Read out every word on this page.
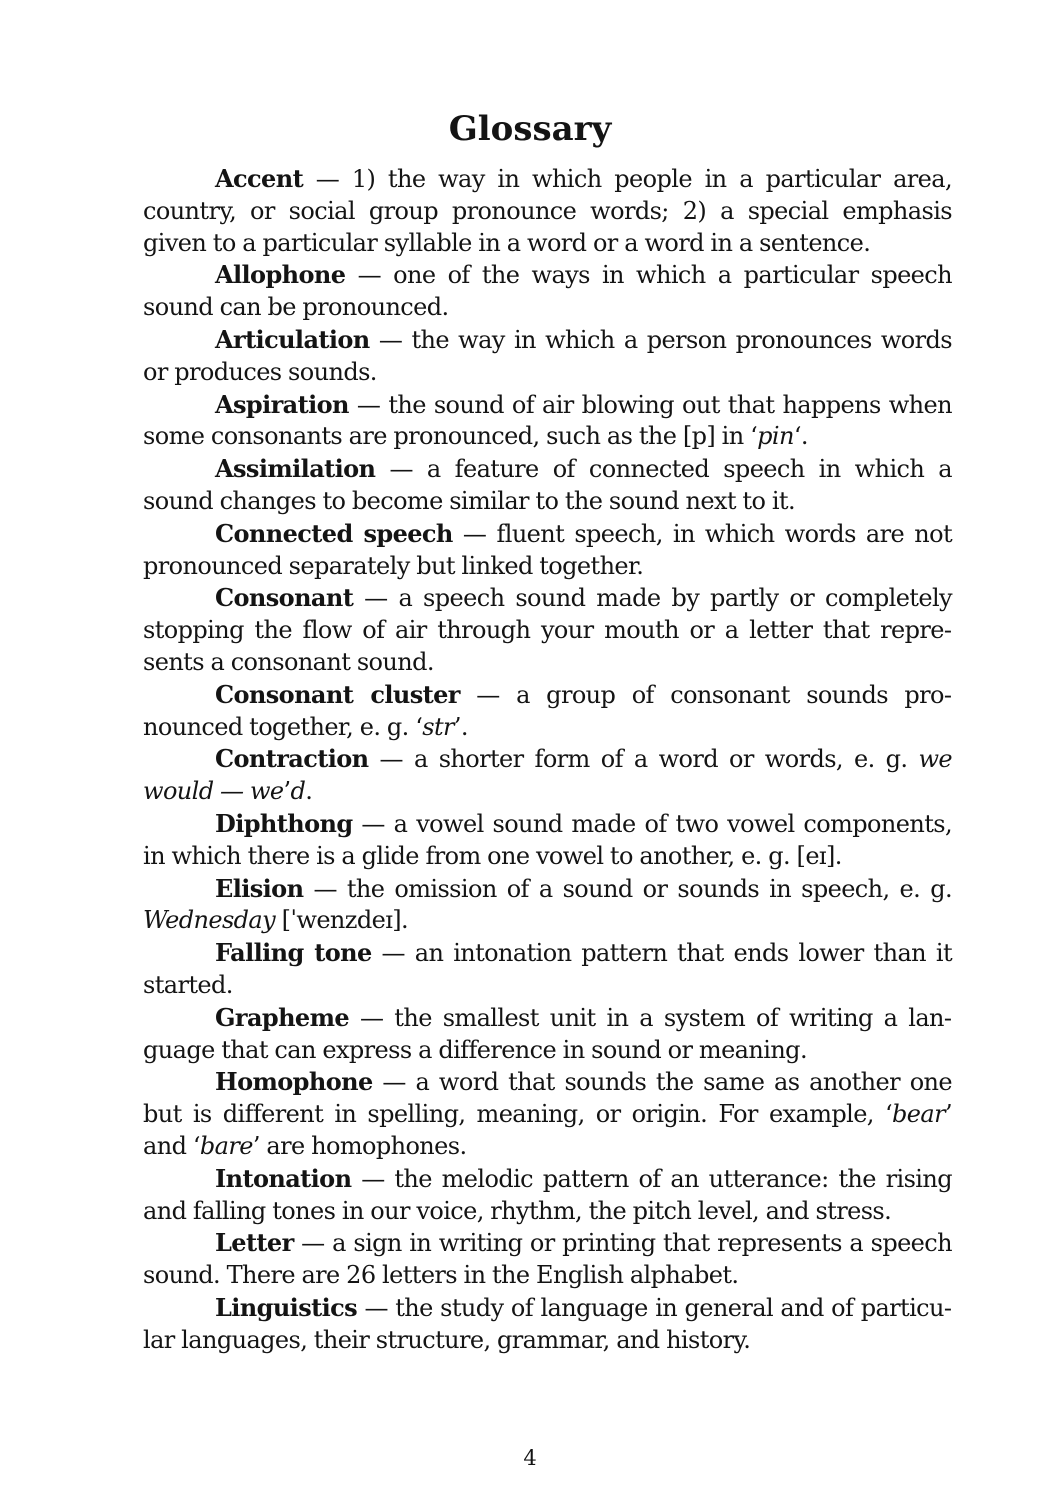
Glossary

Accent — 1) the way in which people in a particular area, country, or social group pronounce words; 2) a special emphasis given to a particular syllable in a word or a word in a sentence.

Allophone — one of the ways in which a particular speech sound can be pronounced.

Articulation — the way in which a person pronounces words or produces sounds.

Aspiration — the sound of air blowing out that happens when some consonants are pronounced, such as the [p] in ‘pin‘.

Assimilation — a feature of connected speech in which a sound changes to become similar to the sound next to it.

Connected speech — fluent speech, in which words are not pronounced separately but linked together.

Consonant — a speech sound made by partly or completely stopping the flow of air through your mouth or a letter that represents a consonant sound.

Consonant cluster — a group of consonant sounds pronounced together, e. g. ‘str’.

Contraction — a shorter form of a word or words, e. g. we would — we’d.

Diphthong — a vowel sound made of two vowel components, in which there is a glide from one vowel to another, e. g. [eɪ].

Elision — the omission of a sound or sounds in speech, e. g. Wednesday [ˈwenzdeɪ].

Falling tone — an intonation pattern that ends lower than it started.

Grapheme — the smallest unit in a system of writing a language that can express a difference in sound or meaning.

Homophone — a word that sounds the same as another one but is different in spelling, meaning, or origin. For example, ‘bear’ and ‘bare’ are homophones.

Intonation — the melodic pattern of an utterance: the rising and falling tones in our voice, rhythm, the pitch level, and stress.

Letter — a sign in writing or printing that represents a speech sound. There are 26 letters in the English alphabet.

Linguistics — the study of language in general and of particular languages, their structure, grammar, and history.

4
